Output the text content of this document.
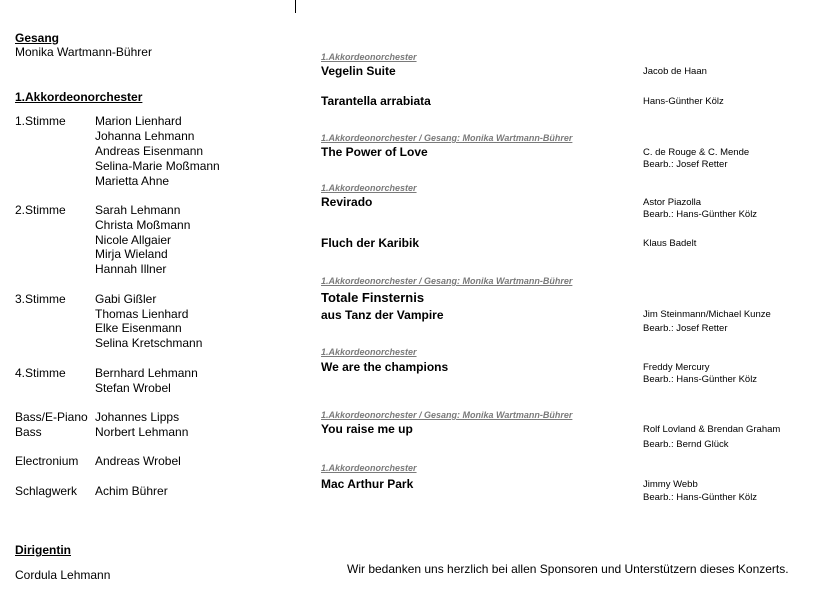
Gesang
Monika Wartmann-Bührer
1.Akkordeonorchester
1.Stimme Marion Lienhard
Johanna Lehmann
Andreas Eisenmann
Selina-Marie Moßmann
Marietta Ahne
2.Stimme Sarah Lehmann
Christa Moßmann
Nicole Allgaier
Mirja Wieland
Hannah Illner
3.Stimme Gabi Gißler
Thomas Lienhard
Elke Eisenmann
Selina Kretschmann
4.Stimme Bernhard Lehmann
Stefan Wrobel
Bass/E-Piano Johannes Lipps
Bass	Norbert Lehmann
Electronium Andreas Wrobel
Schlagwerk Achim Bührer
Dirigentin
Cordula Lehmann
1.Akkordeonorchester
Vegelin Suite	Jacob de Haan
Tarantella arrabiata	Hans-Günther Kölz
1.Akkordeonorchester / Gesang: Monika Wartmann-Bührer
The Power of Love	C. de Rouge & C. Mende
Bearb.: Josef Retter
1.Akkordeonorchester
Revirado	Astor Piazolla
Bearb.: Hans-Günther Kölz
Fluch der Karibik	Klaus Badelt
1.Akkordeonorchester / Gesang: Monika Wartmann-Bührer
Totale Finsternis
aus Tanz der Vampire	Jim Steinmann/Michael Kunze
Bearb.: Josef Retter
1.Akkordeonorchester
We are the champions	Freddy Mercury
Bearb.: Hans-Günther Kölz
1.Akkordeonorchester / Gesang: Monika Wartmann-Bührer
You raise me up	Rolf Lovland & Brendan Graham
Bearb.: Bernd Glück
1.Akkordeonorchester
Mac Arthur Park	Jimmy Webb
Bearb.: Hans-Günther Kölz
Wir bedanken uns herzlich bei allen Sponsoren und Unterstützern dieses Konzerts.
